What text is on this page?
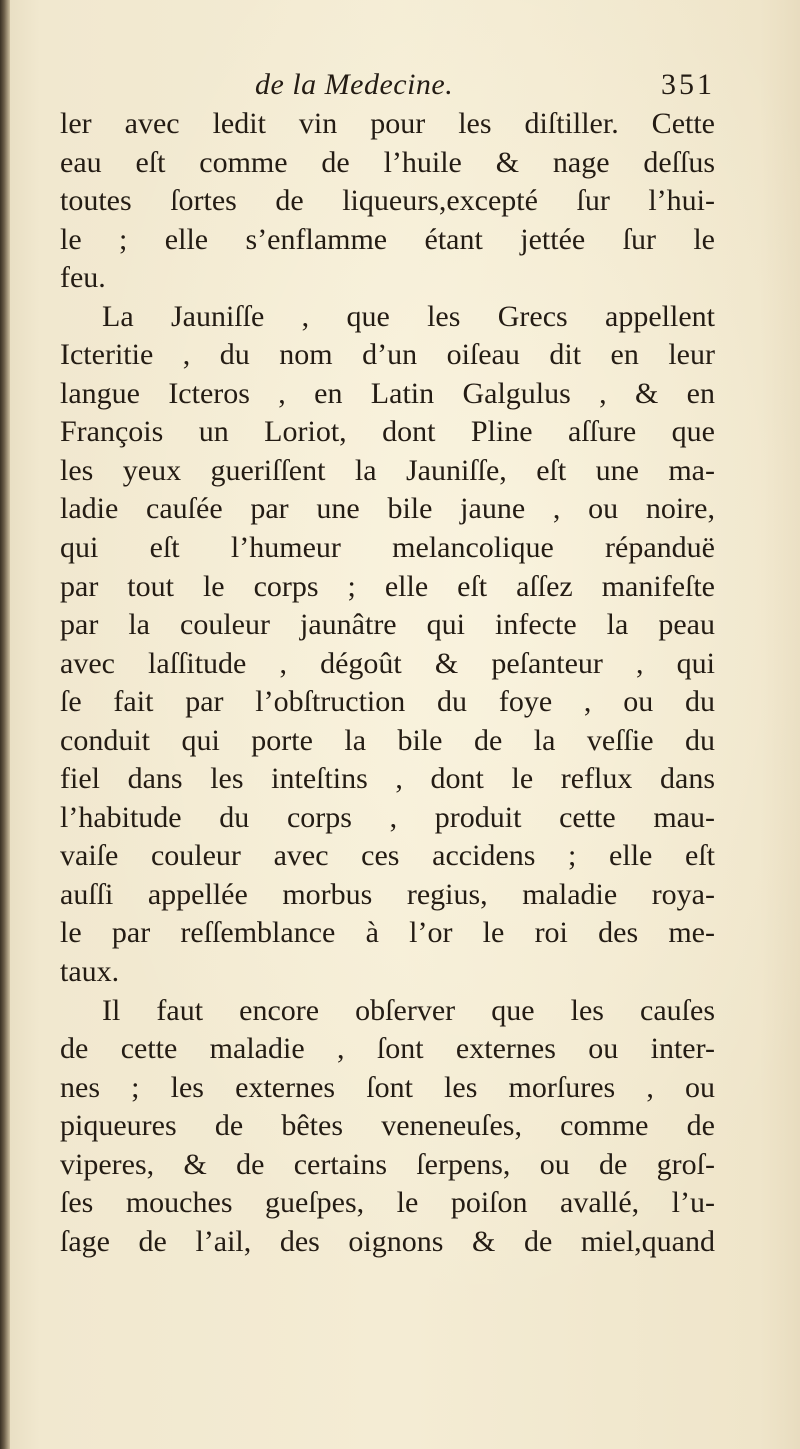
de la Medecine.	351
ler avec ledit vin pour les diſtiller. Cette
eau eſt comme de l’huile & nage deſſus
toutes ſortes de liqueurs,excepté ſur l’hui-
le ; elle s’enflamme étant jettée ſur le
feu.
La Jauniſſe , que les Grecs appellent
Icteritie , du nom d’un oiſeau dit en leur
langue Icteros , en Latin Galgulus , & en
François un Loriot, dont Pline aſſure que
les yeux gueriſſent la Jauniſſe, eſt une ma-
ladie cauſée par une bile jaune , ou noire,
qui eſt l’humeur melancolique répanduë
par tout le corps ; elle eſt aſſez manifeſte
par la couleur jaunâtre qui infecte la peau
avec laſſitude , dégoût & peſanteur , qui
ſe fait par l’obſtruction du foye , ou du
conduit qui porte la bile de la veſſie du
fiel dans les inteſtins , dont le reflux dans
l’habitude du corps , produit cette mau-
vaiſe couleur avec ces accidens ; elle eſt
auſſi appellée morbus regius, maladie roya-
le par reſſemblance à l’or le roi des me-
taux.
Il faut encore obſerver que les cauſes
de cette maladie , ſont externes ou inter-
nes ; les externes ſont les morſures , ou
piqueures de bêtes veneneuſes, comme de
viperes, & de certains ſerpens, ou de groſ-
ſes mouches gueſpes, le poiſon avallé, l’u-
ſage de l’ail, des oignons & de miel,quand
